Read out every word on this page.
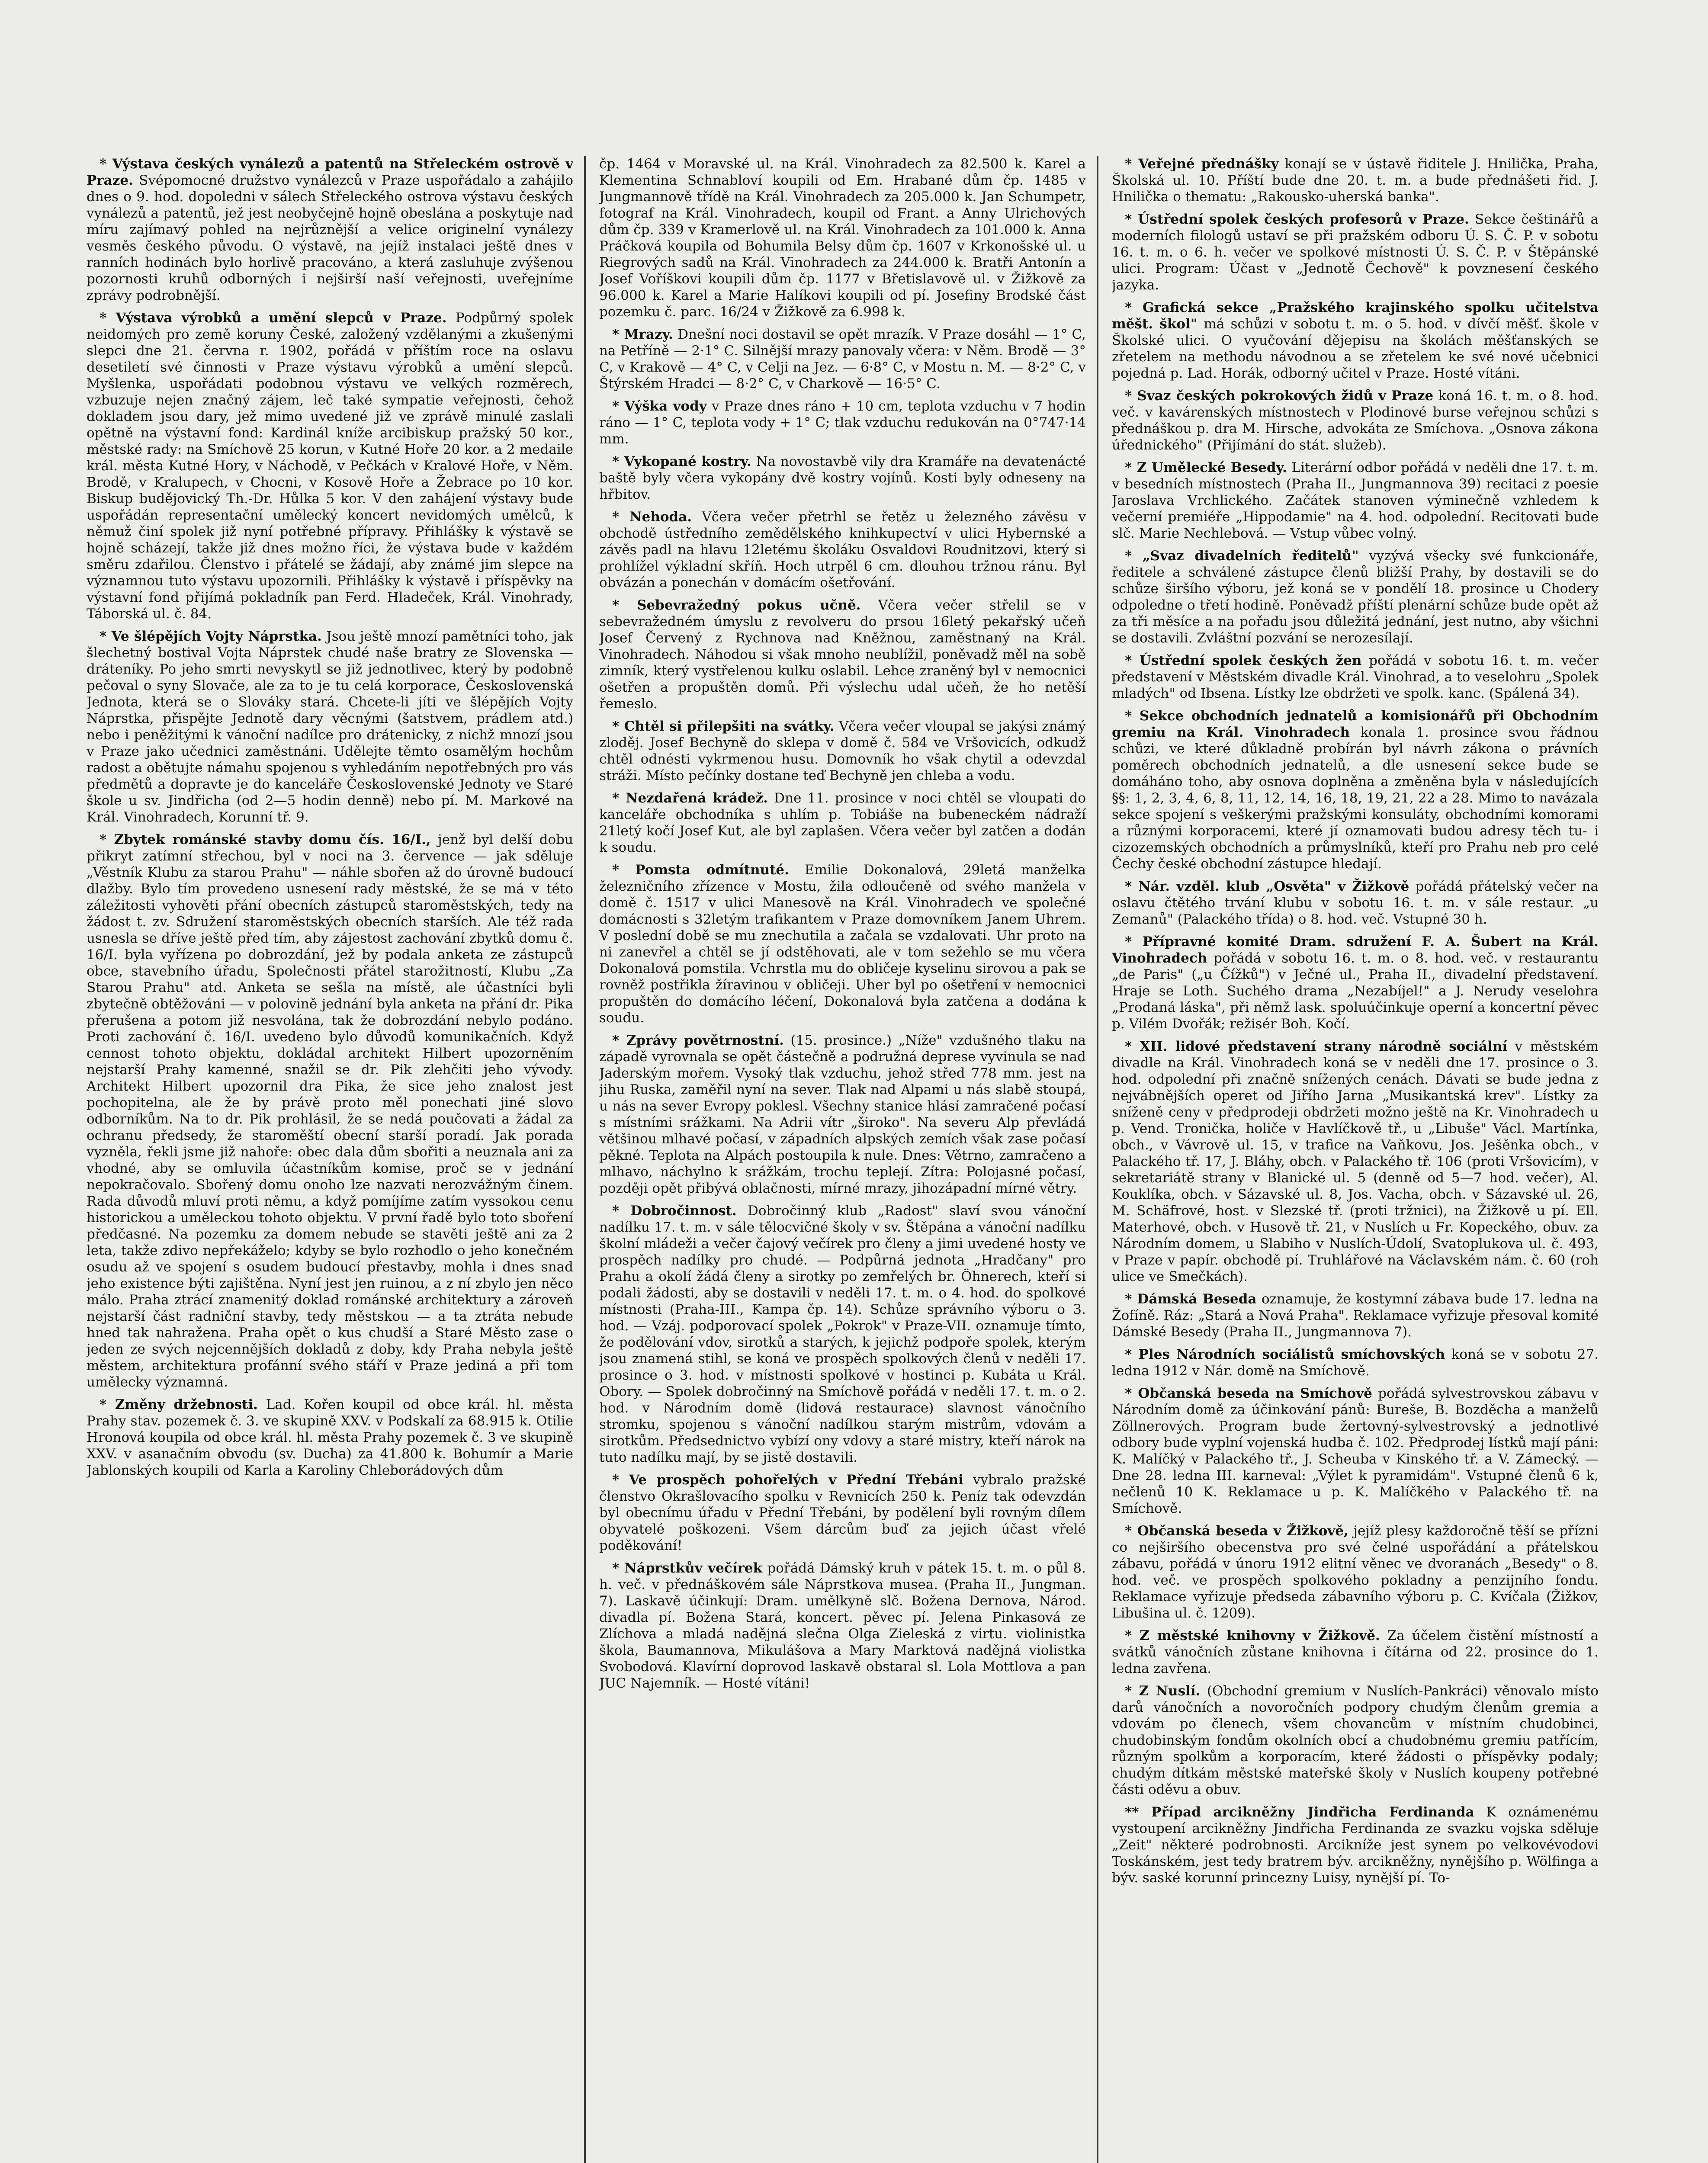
* Výstava českých vynálezů a patentů na Střeleckém ostrově v Praze. Svépomocné družstvo vynálezců v Praze uspořádalo a zahájilo dnes o 9. hod. dopoledni v sálech Střeleckého ostrova výstavu českých vynálezů a patentů, jež jest neobyčejně hojně obeslána a poskytuje nad míru zajímavý pohled na nejrůznější a velice originelní vynálezy vesměs českého původu. O výstavě, na jejíž instalaci ještě dnes v ranních hodinách bylo horlivě pracováno, a která zasluhuje zvýšenou pozornosti kruhů odborných i nejširší naší veřejnosti, uveřejníme zprávy podrobnější.

* Výstava výrobků a umění slepců v Praze. Podpůrný spolek neidomých pro země koruny České, založený vzdělanými a zkušenými slepci dne 21. června r. 1902, pořádá v příštím roce na oslavu desetiletí své činnosti v Praze výstavu výrobků a umění slepců. Myšlenka, uspořádati podobnou výstavu ve velkých rozměrech, vzbuzuje nejen značný zájem, leč také sympatie veřejnosti, čehož dokladem jsou dary, jež mimo uvedené již ve zprávě minulé zaslali opětně na výstavní fond: Kardinál kníže arcibiskup pražský 50 kor., městské rady: na Smíchově 25 korun, v Kutné Hoře 20 kor. a 2 medaile král. města Kutné Hory, v Náchodě, v Pečkách v Kralové Hoře, v Něm. Brodě, v Kralupech, v Chocni, v Kosově Hoře a Žebrace po 10 kor. Biskup budějovický Th.-Dr. Hůlka 5 kor. V den zahájení výstavy bude uspořádán representační umělecký koncert nevidomých umělců, k němuž činí spolek již nyní potřebné přípravy. Přihlášky k výstavě se hojně scházejí, takže již dnes možno říci, že výstava bude v každém směru zdařilou. Členstvo i přátelé se žádají, aby známé jim slepce na významnou tuto výstavu upozornili. Přihlášky k výstavě i příspěvky na výstavní fond přijímá pokladník pan Ferd. Hladeček, Král. Vinohrady, Táborská ul. č. 84.

* Ve šlépějích Vojty Náprstka. Jsou ještě mnozí pamětníci toho, jak šlechetný bostival Vojta Náprstek chudé naše bratry ze Slovenska — dráteníky. Po jeho smrti nevyskytl se již jednotlivec, který by podobně pečoval o syny Slovače, ale za to je tu celá korporace, Československá Jednota, která se o Slováky stará. Chcete-li jíti ve šlépějích Vojty Náprstka, přispějte Jednotě dary věcnými (šatstvem, prádlem atd.) nebo i peněžitými k vánoční nadílce pro drátenicky, z nichž mnozí jsou v Praze jako učednici zaměstnáni. Udělejte těmto osamělým hochům radost a obětujte námahu spojenou s vyhledáním nepotřebných pro vás předmětů a dopravte je do kanceláře Československé Jednoty ve Staré škole u sv. Jindřicha (od 2—5 hodin denně) nebo pí. M. Markové na Král. Vinohradech, Korunní tř. 9.

* Zbytek románské stavby domu čís. 16/I., jenž byl delší dobu přikryt zatímní střechou, byl v noci na 3. července — jak sděluje „Věstník Klubu za starou Prahu" — náhle sbořen až do úrovně budoucí dlažby. Bylo tím provedeno usnesení rady městské, že se má v této záležitosti vyhověti přání obecních zástupců staroměstských, tedy na žádost t. zv. Sdružení staroměstských obecních starších. Ale též rada usnesla se dříve ještě před tím, aby zájestost zachování zbytků domu č. 16/I. byla vyřízena po dobrozdání, jež by podala anketa ze zástupců obce, stavebního úřadu, Společnosti přátel starožitností, Klubu „Za Starou Prahu" atd. Anketa se sešla na místě, ale účastníci byli zbytečně obtěžováni — v polovině jednání byla anketa na přání dr. Pika přerušena a potom již nesvolána, tak že dobrozdání nebylo podáno. Proti zachování č. 16/I. uvedeno bylo důvodů komunikačních. Když cennost tohoto objektu, dokládal architekt Hilbert upozorněním nejstarší Prahy kamenné, snažil se dr. Pik zlehčiti jeho vývody. Architekt Hilbert upozornil dra Pika, že sice jeho znalost jest pochopitelna, ale že by právě proto měl ponechati jiné slovo odborníkům. Na to dr. Pik prohlásil, že se nedá poučovati a žádal za ochranu předsedy, že staroměští obecní starší poradí. Jak porada vyzněla, řekli jsme již nahoře: obec dala dům sbořiti a neuznala ani za vhodné, aby se omluvila účastníkům komise, proč se v jednání nepokračovalo. Sbořený domu onoho lze nazvati nerozvážným činem. Rada důvodů mluví proti němu, a když pomíjíme zatím vyssokou cenu historickou a uměleckou tohoto objektu. V první řadě bylo toto sboření předčasné. Na pozemku za domem nebude se stavěti ještě ani za 2 leta, takže zdivo nepřekáželo; kdyby se bylo rozhodlo o jeho konečném osudu až ve spojení s osudem budoucí přestavby, mohla i dnes snad jeho existence býti zajištěna. Nyní jest jen ruinou, a z ní zbylo jen něco málo. Praha ztrácí znamenitý doklad románské architektury a zároveň nejstarší část radniční stavby, tedy městskou — a ta ztráta nebude hned tak nahražena. Praha opět o kus chudší a Staré Město zase o jeden ze svých nejcennějších dokladů z doby, kdy Praha nebyla ještě městem, architektura profánní svého stáří v Praze jediná a při tom umělecky významná.

* Změny držebnosti. Lad. Kořen koupil od obce král. hl. města Prahy stav. pozemek č. 3. ve skupině XXV. v Podskalí za 68.915 k. Otilie Hronová koupila od obce král. hl. města Prahy pozemek č. 3 ve skupině XXV. v asanačním obvodu (sv. Ducha) za 41.800 k. Bohumír a Marie Jablonských koupili od Karla a Karoliny Chleborádových dům

čp. 1464 v Moravské ul. na Král. Vinohradech za 82.500 k. Karel a Klementina Schnabloví koupili od Em. Hrabané dům čp. 1485 v Jungmannově třídě na Král. Vinohradech za 205.000 k. Jan Schumpetr, fotograf na Král. Vinohradech, koupil od Frant. a Anny Ulrichových dům čp. 339 v Kramerlově ul. na Král. Vinohradech za 101.000 k. Anna Práčková koupila od Bohumila Belsy dům čp. 1607 v Krkonošské ul. u Riegrových sadů na Král. Vinohradech za 244.000 k. Bratři Antonín a Josef Voříškovi koupili dům čp. 1177 v Břetislavově ul. v Žižkově za 96.000 k. Karel a Marie Halíkovi koupili od pí. Josefiny Brodské část pozemku č. parc. 16/24 v Žižkově za 6.998 k.

* Mrazy. Dnešní noci dostavil se opět mrazík. V Praze dosáhl — 1° C, na Petříně — 2·1° C. Silnější mrazy panovaly včera: v Něm. Brodě — 3° C, v Krakově — 4° C, v Celji na Jez. — 6·8° C, v Mostu n. M. — 8·2° C, v Štýrském Hradci — 8·2° C, v Charkově — 16·5° C.

* Výška vody v Praze dnes ráno + 10 cm, teplota vzduchu v 7 hodin ráno — 1° C, teplota vody + 1° C; tlak vzduchu redukován na 0°747·14 mm.

* Vykopané kostry. Na novostavbě vily dra Kramáře na devatenácté baště byly včera vykopány dvě kostry vojínů. Kosti byly odneseny na hřbitov.

* Nehoda. Včera večer přetrhl se řetěz u železného závěsu v obchodě ústředního zemědělského knihkupectví v ulici Hybernské a závěs padl na hlavu 12letému školáku Osvaldovi Roudnitzovi, který si prohlížel výkladní skříň. Hoch utrpěl 6 cm. dlouhou tržnou ránu. Byl obvázán a ponechán v domácím ošetřování.

* Sebevražedný pokus učně. Včera večer střelil se v sebevražedném úmyslu z revolveru do prsou 16letý pekařský učeň Josef Červený z Rychnova nad Kněžnou, zaměstnaný na Král. Vinohradech. Náhodou si však mnoho neublížil, poněvadž měl na sobě zimník, který vystřelenou kulku oslabil. Lehce zraněný byl v nemocnici ošetřen a propuštěn domů. Při výslechu udal učeň, že ho netěší řemeslo.

* Chtěl si přilepšiti na svátky. Včera večer vloupal se jakýsi známý zloděj. Josef Bechyně do sklepa v domě č. 584 ve Vršovicích, odkudž chtěl odnésti vykrmenou husu. Domovník ho však chytil a odevzdal stráži. Místo pečínky dostane teď Bechyně jen chleba a vodu.

* Nezdařená krádež. Dne 11. prosince v noci chtěl se vloupati do kanceláře obchodníka s uhlím p. Tobiáše na bubeneckém nádraží 21letý kočí Josef Kut, ale byl zaplašen. Včera večer byl zatčen a dodán k soudu.

* Pomsta odmítnuté. Emilie Dokonalová, 29letá manželka železničního zřízence v Mostu, žila odloučeně od svého manžela v domě č. 1517 v ulici Manesově na Král. Vinohradech ve společné domácnosti s 32letým trafikantem v Praze domovníkem Janem Uhrem. V poslední době se mu znechutila a začala se vzdalovati. Uhr proto na ni zanevřel a chtěl se jí odstěhovati, ale v tom sežehlo se mu včera Dokonalová pomstila. Vchrstla mu do obličeje kyselinu sirovou a pak se rovněž postřikla žíravinou v obličeji. Uher byl po ošetření v nemocnici propuštěn do domácího léčení, Dokonalová byla zatčena a dodána k soudu.

* Zprávy povětrnostní. (15. prosince.) „Níže" vzdušného tlaku na západě vyrovnala se opět částečně a podružná deprese vyvinula se nad Jaderským mořem. Vysoký tlak vzduchu, jehož střed 778 mm. jest na jihu Ruska, zaměřil nyní na sever. Tlak nad Alpami u nás slabě stoupá, u nás na sever Evropy poklesl. Všechny stanice hlásí zamračené počasí s místními srážkami. Na Adrii vítr „široko". Na severu Alp převládá většinou mlhavé počasí, v západních alpských zemích však zase počasí pěkné. Teplota na Alpách postoupila k nule. Dnes: Větrno, zamračeno a mlhavo, náchylno k srážkám, trochu teplejí. Zítra: Polojasné počasí, později opět přibývá oblačnosti, mírné mrazy, jihozápadní mírné větry.

* Dobročinnost. Dobročinný klub „Radost" slaví svou vánoční nadílku 17. t. m. v sále tělocvičné školy v sv. Štěpána a vánoční nadílku školní mládeži a večer čajový večírek pro členy a jimi uvedené hosty ve prospěch nadílky pro chudé. — Podpůrná jednota „Hradčany" pro Prahu a okolí žádá členy a sirotky po zemřelých br. Öhnerech, kteří si podali žádosti, aby se dostavili v neděli 17. t. m. o 4. hod. do spolkové místnosti (Praha-III., Kampa čp. 14). Schůze správního výboru o 3. hod. — Vzáj. podporovací spolek „Pokrok" v Praze-VII. oznamuje tímto, že podělování vdov, sirotků a starých, k jejichž podpoře spolek, kterým jsou znamená stihl, se koná ve prospěch spolkových členů v neděli 17. prosince o 3. hod. v místnosti spolkové v hostinci p. Kubáta u Král. Obory. — Spolek dobročinný na Smíchově pořádá v neděli 17. t. m. o 2. hod. v Národním domě (lidová restaurace) slavnost vánočního stromku, spojenou s vánoční nadílkou starým mistrům, vdovám a sirotkům. Předsednictvo vybízí ony vdovy a staré mistry, kteří nárok na tuto nadílku mají, by se jistě dostavili.

* Ve prospěch pohořelých v Přední Třebáni vybralo pražské členstvo Okrašlovacího spolku v Revnicích 250 k. Peníz tak odevzdán byl obecnímu úřadu v Přední Třebáni, by podělení byli rovným dílem obyvatelé poškozeni. Všem dárcům buď za jejich účast vřelé poděkování!

* Náprstkův večírek pořádá Dámský kruh v pátek 15. t. m. o půl 8. h. več. v přednáškovém sále Náprstkova musea. (Praha II., Jungman. 7). Laskavě účinkují: Dram. umělkyně slč. Božena Dernova, Národ. divadla pí. Božena Stará, koncert. pěvec pí. Jelena Pinkasová ze Zlíchova a mladá nadějná slečna Olga Zieleská z virtu. violinistka škola, Baumannova, Mikulášova a Mary Marktová nadějná violistka Svobodová. Klavírní doprovod laskavě obstaral sl. Lola Mottlova a pan JUC Najemník. — Hosté vítáni!

* Veřejné přednášky konají se v ústavě řiditele J. Hnilička, Praha, Školská ul. 10. Příští bude dne 20. t. m. a bude přednášeti řid. J. Hnilička o thematu: „Rakousko-uherská banka".

* Ústřední spolek českých profesorů v Praze. Sekce češtinářů a moderních filologů ustaví se při pražském odboru Ú. S. Č. P. v sobotu 16. t. m. o 6. h. večer ve spolkové místnosti Ú. S. Č. P. v Štěpánské ulici. Program: Účast v „Jednotě Čechově" k povznesení českého jazyka.

* Grafická sekce „Pražského krajinského spolku učitelstva měšt. škol" má schůzi v sobotu t. m. o 5. hod. v dívčí měšť. škole v Školské ulici. O vyučování dějepisu na školách měšťanských se zřetelem na methodu návodnou a se zřetelem ke své nové učebnici pojedná p. Lad. Horák, odborný učitel v Praze. Hosté vítáni.

* Svaz českých pokrokových židů v Praze koná 16. t. m. o 8. hod. več. v kavárenských místnostech v Plodinové burse veřejnou schůzi s přednáškou p. dra M. Hirsche, advokáta ze Smíchova. „Osnova zákona úřednického" (Přijímání do stát. služeb).

* Z Umělecké Besedy. Literární odbor pořádá v neděli dne 17. t. m. v besedních místnostech (Praha II., Jungmannova 39) recitaci z poesie Jaroslava Vrchlického. Začátek stanoven výminečně vzhledem k večerní premiéře „Hippodamie" na 4. hod. odpolední. Recitovati bude slč. Marie Nechlebová. — Vstup vůbec volný.

* „Svaz divadelních ředitelů" vyzývá všecky své funkcionáře, ředitele a schválené zástupce členů bližší Prahy, by dostavili se do schůze širšího výboru, jež koná se v pondělí 18. prosince u Chodery odpoledne o třetí hodině. Poněvadž příští plenární schůze bude opět až za tři měsíce a na pořadu jsou důležitá jednání, jest nutno, aby všichni se dostavili. Zvláštní pozvání se nerozesílají.

* Ústřední spolek českých žen pořádá v sobotu 16. t. m. večer představení v Městském divadle Král. Vinohrad, a to veselohru „Spolek mladých" od Ibsena. Lístky lze obdržeti ve spolk. kanc. (Spálená 34).

* Sekce obchodních jednatelů a komisionářů při Obchodním gremiu na Král. Vinohradech konala 1. prosince svou řádnou schůzi, ve které důkladně probírán byl návrh zákona o právních poměrech obchodních jednatelů, a dle usnesení sekce bude se domáháno toho, aby osnova doplněna a změněna byla v následujících §§: 1, 2, 3, 4, 6, 8, 11, 12, 14, 16, 18, 19, 21, 22 a 28. Mimo to navázala sekce spojení s veškerými pražskými konsuláty, obchodními komorami a různými korporacemi, které jí oznamovati budou adresy těch tu- i cizozemských obchodních a průmyslníků, kteří pro Prahu neb pro celé Čechy české obchodní zástupce hledají.

* Nár. vzděl. klub „Osvěta" v Žižkově pořádá přátelský večer na oslavu čtětého trvání klubu v sobotu 16. t. m. v sále restaur. „u Zemanů" (Palackého třída) o 8. hod. več. Vstupné 30 h.

* Přípravné komité Dram. sdružení F. A. Šubert na Král. Vinohradech pořádá v sobotu 16. t. m. o 8. hod. več. v restaurantu „de Paris" („u Čížků") v Ječné ul., Praha II., divadelní představení. Hraje se Loth. Suchého drama „Nezabíjel!" a J. Nerudy veselohra „Prodaná láska", při němž lask. spoluúčinkuje operní a koncertní pěvec p. Vilém Dvořák; režisér Boh. Kočí.

* XII. lidové představení strany národně sociální v městském divadle na Král. Vinohradech koná se v neděli dne 17. prosince o 3. hod. odpolední při značně snížených cenách. Dávati se bude jedna z nejvábnějších operet od Jiřího Jarna „Musikantská krev". Lístky za sníženě ceny v předprodeji obdržeti možno ještě na Kr. Vinohradech u p. Vend. Tronička, holiče v Havlíčkově tř., u „Libuše" Václ. Martínka, obch., v Vávrově ul. 15, v trafice na Vaňkovu, Jos. Ješěnka obch., v Palackého tř. 17, J. Bláhy, obch. v Palackého tř. 106 (proti Vršovicím), v sekretariátě strany v Blanické ul. 5 (denně od 5—7 hod. večer), Al. Kouklíka, obch. v Sázavské ul. 8, Jos. Vacha, obch. v Sázavské ul. 26, M. Schäfrové, host. v Slezské tř. (proti tržnici), na Žižkově u pí. Ell. Materhové, obch. v Husově tř. 21, v Nuslích u Fr. Kopeckého, obuv. za Národním domem, u Slabiho v Nuslích-Údolí, Svatoplukova ul. č. 493, v Praze v papír. obchodě pí. Truhlářové na Václavském nám. č. 60 (roh ulice ve Smečkách).

* Dámská Beseda oznamuje, že kostymní zábava bude 17. ledna na Žofíně. Ráz: „Stará a Nová Praha". Reklamace vyřizuje přesoval komité Dámské Besedy (Praha II., Jungmannova 7).

* Ples Národních sociálistů smíchovských koná se v sobotu 27. ledna 1912 v Nár. domě na Smíchově.

* Občanská beseda na Smíchově pořádá sylvestrovskou zábavu v Národním domě za účinkování pánů: Bureše, B. Bozděcha a manželů Zöllnerových. Program bude žertovný-sylvestrovský a jednotlivé odbory bude vyplní vojenská hudba č. 102. Předprodej lístků mají páni: K. Malíčký v Palackého tř., J. Scheuba v Kinského tř. a V. Zámecký. — Dne 28. ledna III. karneval: „Výlet k pyramidám". Vstupné členů 6 k, nečlenů 10 K. Reklamace u p. K. Malíčkého v Palackého tř. na Smíchově.

* Občanská beseda v Žižkově, jejíž plesy každoročně těší se přízni co nejširšího obecenstva pro své čelné uspořádání a přátelskou zábavu, pořádá v únoru 1912 elitní věnec ve dvoranách „Besedy" o 8. hod. več. ve prospěch spolkového pokladny a penzijního fondu. Reklamace vyřizuje předseda zábavního výboru p. C. Kvíčala (Žižkov, Libušina ul. č. 1209).

* Z městské knihovny v Žižkově. Za účelem čistění místností a svátků vánočních zůstane knihovna i čítárna od 22. prosince do 1. ledna zavřena.

* Z Nuslí. (Obchodní gremium v Nuslích-Pankráci) věnovalo místo darů vánočních a novoročních podpory chudým členům gremia a vdovám po členech, všem chovancům v místním chudobinci, chudobinským fondům okolních obcí a chudobnému gremiu patřícím, různým spolkům a korporacím, které žádosti o příspěvky podaly; chudým dítkám městské mateřské školy v Nuslích koupeny potřebné části oděvu a obuv.

** Případ arcikněžny Jindřicha Ferdinanda K oznámenému vystoupení arcikněžny Jindřicha Ferdinanda ze svazku vojska sděluje „Zeit" některé podrobnosti. Arcikníže jest synem po velkovévodovi Toskánském, jest tedy bratrem býv. arcikněžny, nynějšího p. Wölfinga a býv. saské korunní princezny Luisy, nynější pí. To-
